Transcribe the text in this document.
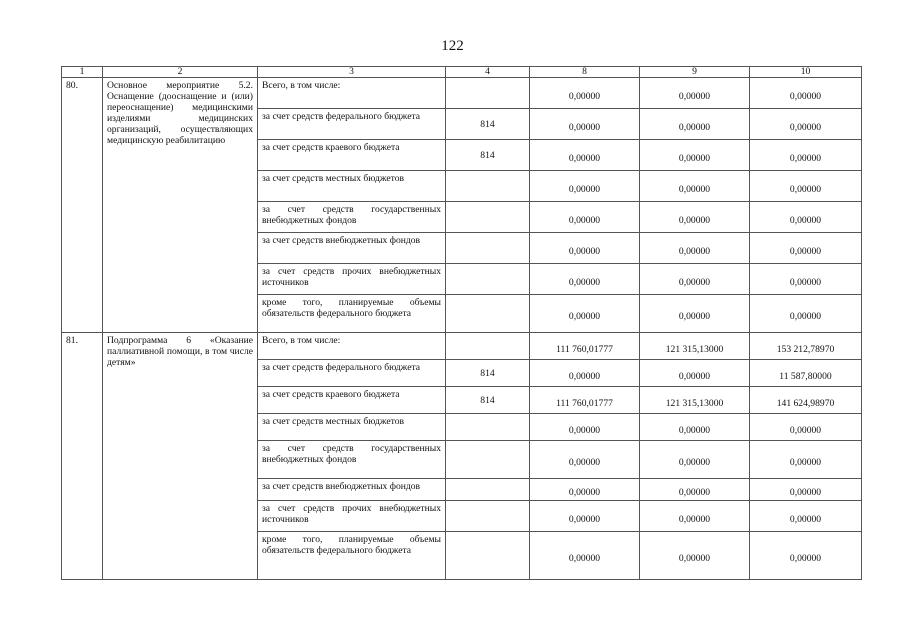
122
1	2	3	4	8	9	10
80.	Основное мероприятие 5.2. Оснащение (дооснащение и (или) переоснащение) медицинскими изделиями медицинских организаций, осуществляющих медицинскую реабилитацию	Всего, в том числе:		0,00000	0,00000	0,00000
		за счет средств федерального бюджета	814	0,00000	0,00000	0,00000
		за счет средств краевого бюджета	814	0,00000	0,00000	0,00000
		за счет средств местных бюджетов		0,00000	0,00000	0,00000
		за счет средств государственных внебюджетных фондов		0,00000	0,00000	0,00000
		за счет средств внебюджетных фондов		0,00000	0,00000	0,00000
		за счет средств прочих внебюджетных источников		0,00000	0,00000	0,00000
		кроме того, планируемые объемы обязательств федерального бюджета		0,00000	0,00000	0,00000
81.	Подпрограмма 6 «Оказание паллиативной помощи, в том числе детям»	Всего, в том числе:		111 760,01777	121 315,13000	153 212,78970
		за счет средств федерального бюджета	814	0,00000	0,00000	11 587,80000
		за счет средств краевого бюджета	814	111 760,01777	121 315,13000	141 624,98970
		за счет средств местных бюджетов		0,00000	0,00000	0,00000
		за счет средств государственных внебюджетных фондов		0,00000	0,00000	0,00000
		за счет средств внебюджетных фондов		0,00000	0,00000	0,00000
		за счет средств прочих внебюджетных источников		0,00000	0,00000	0,00000
		кроме того, планируемые объемы обязательств федерального бюджета		0,00000	0,00000	0,00000
